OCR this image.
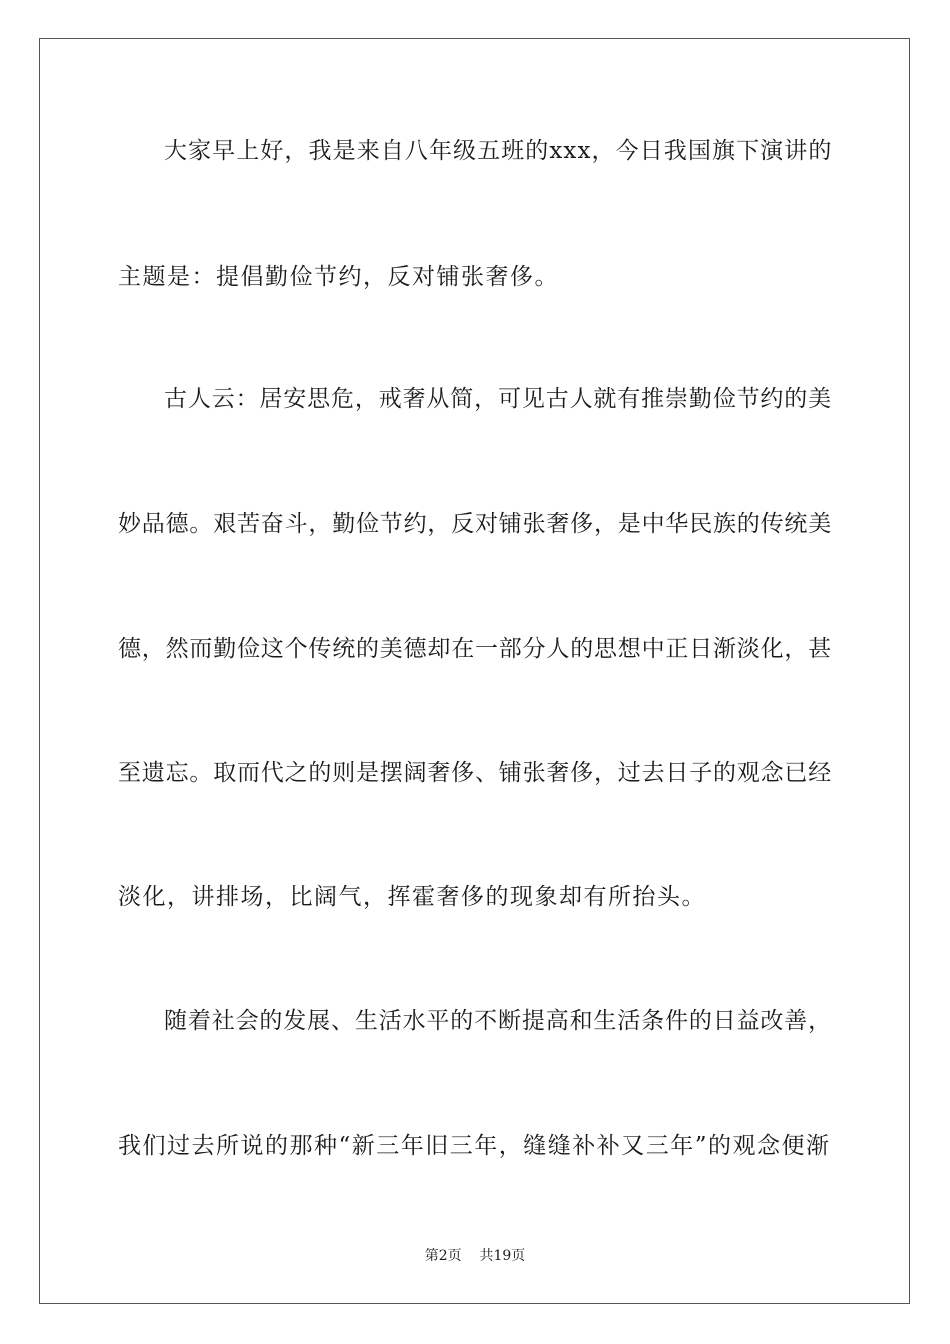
大家早上好，我是来自八年级五班的xxx，今日我国旗下演讲的
主题是：提倡勤俭节约，反对铺张奢侈。
古人云：居安思危，戒奢从简，可见古人就有推崇勤俭节约的美
妙品德。艰苦奋斗，勤俭节约，反对铺张奢侈，是中华民族的传统美
德，然而勤俭这个传统的美德却在一部分人的思想中正日渐淡化，甚
至遗忘。取而代之的则是摆阔奢侈、铺张奢侈，过去日子的观念已经
淡化，讲排场，比阔气，挥霍奢侈的现象却有所抬头。
随着社会的发展、生活水平的不断提高和生活条件的日益改善，
我们过去所说的那种“新三年旧三年，缝缝补补又三年”的观念便渐
第2页    共19页
